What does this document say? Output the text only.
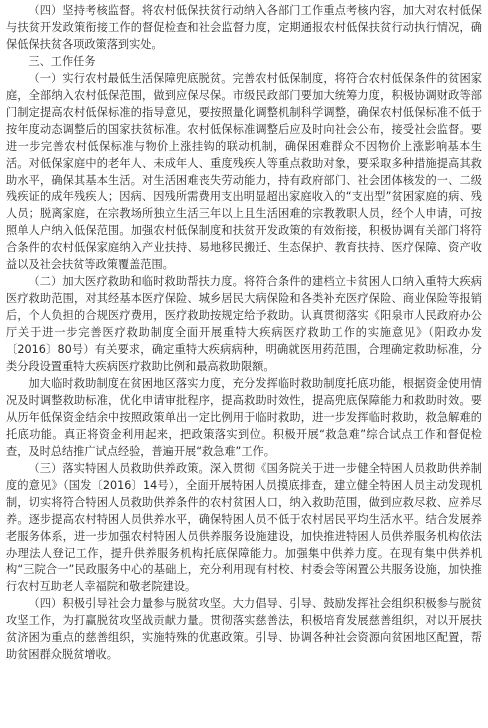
（四）坚持考核监督。将农村低保扶贫行动纳入各部门工作重点考核内容，加大对农村低保与扶贫开发政策衔接工作的督促检查和社会监督力度，定期通报农村低保扶贫行动执行情况，确保低保扶贫各项政策落到实处。

三、工作任务

（一）实行农村最低生活保障兜底脱贫。完善农村低保制度，将符合农村低保条件的贫困家庭，全部纳入农村低保范围，做到应保尽保。市级民政部门要加大统筹力度，积极协调财政等部门制定提高农村低保标准的指导意见，要按照量化调整机制科学调整，确保农村低保标准不低于按年度动态调整后的国家扶贫标准。农村低保标准调整后应及时向社会公布，接受社会监督。要进一步完善农村低保标准与物价上涨挂钩的联动机制，确保困难群众不因物价上涨影响基本生活。对低保家庭中的老年人、未成年人、重度残疾人等重点救助对象，要采取多种措施提高其救助水平，确保其基本生活。对生活困难丧失劳动能力，持有政府部门、社会团体核发的一、二级残疾证的成年残疾人；因病、因残所需费用支出明显超出家庭收入的“支出型”贫困家庭的病、残人员；脱离家庭，在宗教场所独立生活三年以上且生活困难的宗教教职人员，经个人申请，可按照单人户纳入低保范围。加强农村低保制度和扶贫开发政策的有效衔接，积极协调有关部门将符合条件的农村低保家庭纳入产业扶持、易地移民搬迁、生态保护、教育扶持、医疗保障、资产收益以及社会扶贫等政策覆盖范围。

（二）加大医疗救助和临时救助帮扶力度。将符合条件的建档立卡贫困人口纳入重特大疾病医疗救助范围，对其经基本医疗保险、城乡居民大病保险和各类补充医疗保险、商业保险等报销后，个人负担的合规医疗费用，医疗救助按规定给予救助。认真贯彻落实《阳泉市人民政府办公厅关于进一步完善医疗救助制度全面开展重特大疾病医疗救助工作的实施意见》（阳政办发〔2016〕80号）有关要求，确定重特大疾病病种，明确就医用药范围，合理确定救助标准，分类分段设置重特大疾病医疗救助比例和最高救助限额。

加大临时救助制度在贫困地区落实力度，充分发挥临时救助制度托底功能，根据资金使用情况及时调整救助标准，优化申请审批程序，提高救助时效性，提高兜底保障能力和救助时效。要从历年低保资金结余中按照政策单出一定比例用于临时救助，进一步发挥临时救助，救急解难的托底功能。真正将资金利用起来，把政策落实到位。积极开展“救急难”综合试点工作和督促检查，及时总结推广试点经验，普遍开展“救急难”工作。

（三）落实特困人员救助供养政策。深入贯彻《国务院关于进一步健全特困人员救助供养制度的意见》（国发〔2016〕14号），全面开展特困人员摸底排查，建立健全特困人员主动发现机制，切实将符合特困人员救助供养条件的农村贫困人口，纳入救助范围，做到应救尽救、应养尽养。逐步提高农村特困人员供养水平，确保特困人员不低于农村居民平均生活水平。结合发展养老服务体系，进一步加强农村特困人员供养服务设施建设，加快推进特困人员供养服务机构依法办理法人登记工作，提升供养服务机构托底保障能力。加强集中供养力度。在现有集中供养机构“三院合一”民政服务中心的基础上，充分利用现有村校、村委会等闲置公共服务设施，加快推行农村互助老人幸福院和敬老院建设。

（四）积极引导社会力量参与脱贫攻坚。大力倡导、引导、鼓励发挥社会组织积极参与脱贫攻坚工作，为打赢脱贫攻坚战贡献力量。贯彻落实慈善法，积极培育发展慈善组织，对以开展扶贫济困为重点的慈善组织，实施特殊的优惠政策。引导、协调各种社会资源向贫困地区配置，帮助贫困群众脱贫增收。
